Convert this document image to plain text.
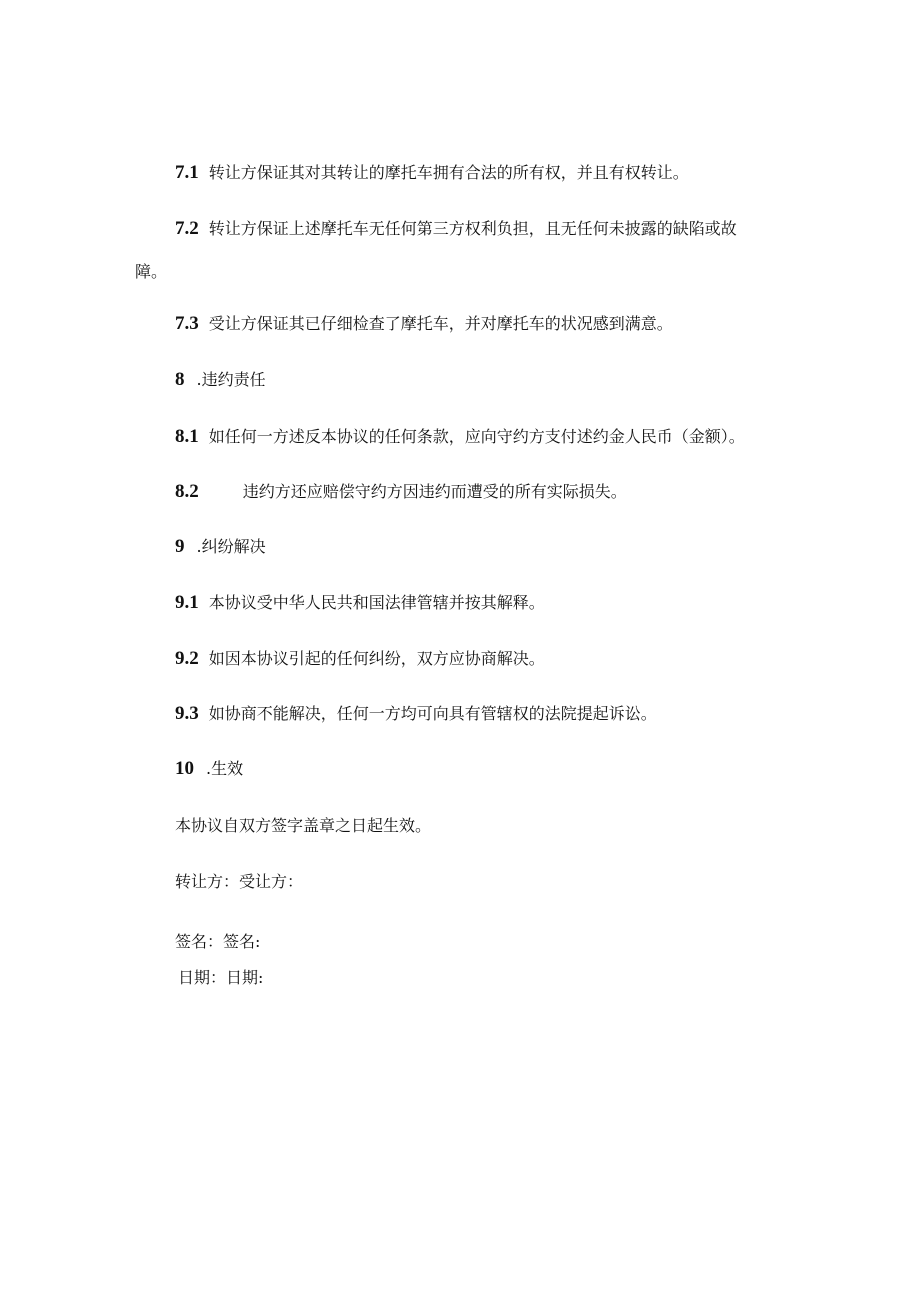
7.1 转让方保证其对其转让的摩托车拥有合法的所有权，并且有权转让。
7.2 转让方保证上述摩托车无任何第三方权利负担，且无任何未披露的缺陷或故
障。
7.3 受让方保证其已仔细检查了摩托车，并对摩托车的状况感到满意。
8 .违约责任
8.1 如任何一方述反本协议的任何条款，应向守约方支付述约金人民币（金额）。
8.2	违约方还应赔偿守约方因违约而遭受的所有实际损失。
9 .纠纷解决
9.1 本协议受中华人民共和国法律管辖并按其解释。
9.2 如因本协议引起的任何纠纷，双方应协商解决。
9.3 如协商不能解决，任何一方均可向具有管辖权的法院提起诉讼。
10 .生效
本协议自双方签字盖章之日起生效。
转让方：受让方：
签名：签名:
日期：日期:
